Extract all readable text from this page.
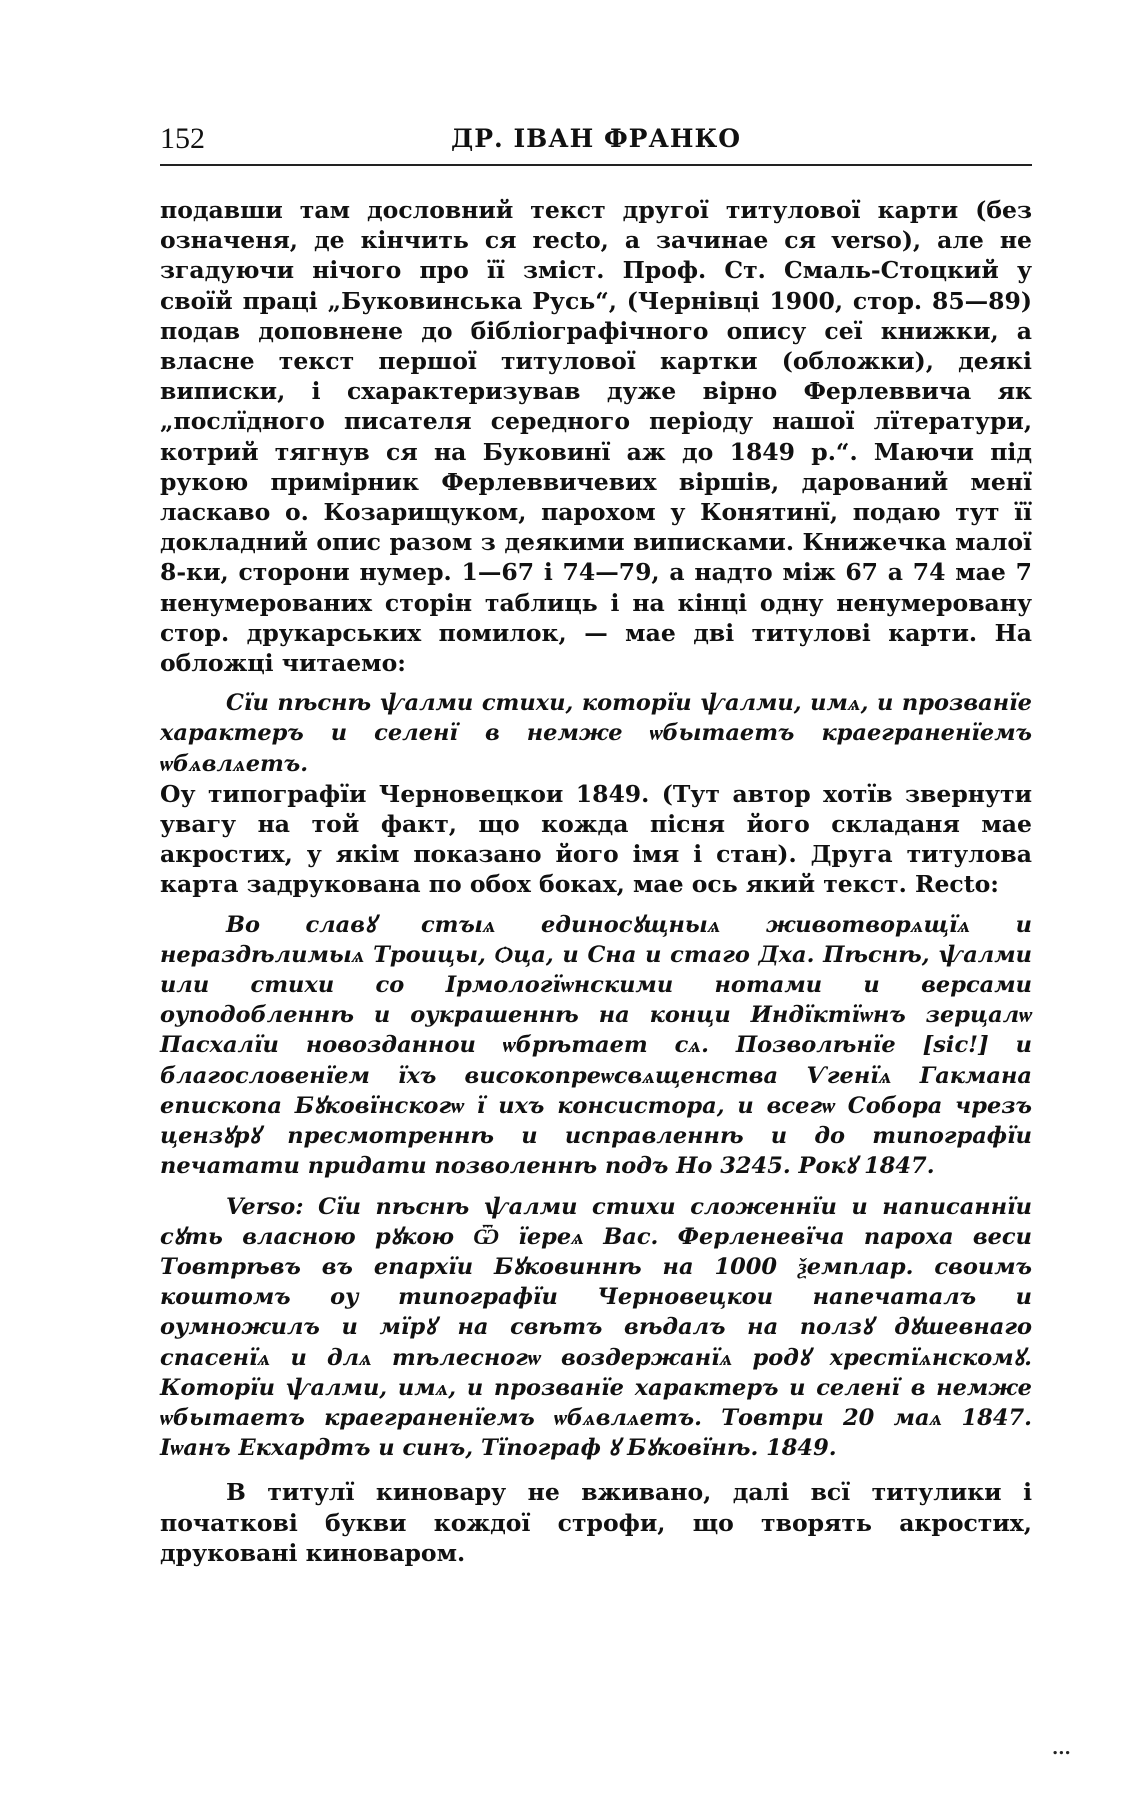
152	ДР. ІВАН ФРАНКО

подавши там дословний текст другої титулової карти (без означеня, де кінчить ся recto, а зачинае ся verso), але не згадуючи нічого про її зміст. Проф. Ст. Смаль-Стоцкий у своїй праці „Буковинська Русь“, (Чернівці 1900, стор. 85—89) подав доповнене до бібліографічного опису сеї книжки, а власне текст першої титулової картки (обложки), деякі виписки, і схарактеризував дуже вірно Ферлеввича як „послїдного писателя середного періоду нашої лїтератури, котрий тягнув ся на Буковинї аж до 1849 р.“. Маючи під рукою примірник Ферлеввичевих віршів, дарований менї ласкаво о. Козарищуком, парохом у Конятинї, подаю тут її докладний опис разом з деякими виписками. Книжечка малої 8-ки, сторони нумер. 1—67 і 74—79, а надто між 67 а 74 мае 7 ненумерованих сторін таблиць і на кінці одну ненумеровану стор. друкарських помилок, — мае дві титулові карти. На обложці читаемо:

Сїи пѣснѣ ѱалми стихи, которїи ѱалми, имѧ, и прозванїе характеръ и селенї в немже ѡбытаетъ краеграненїемъ ѡбѧвлѧетъ.

Оу типографїи Черновецкои 1849. (Тут автор хотїв звернути увагу на той факт, що кожда пісня його складаня мае акростих, у якім показано його імя і стан). Друга титулова карта задрукована по обох боках, мае ось який текст. Recto:

Во славꙋ стꙑѧ единосꙋщныѧ животворѧщїѧ и нераздѣлимыѧ Троицы, Ѻца, и Сна и стаго Дха. Пѣснѣ, ѱалми или стихи со Ірмологїѡнскими нотами и версами оуподобленнѣ и оукрашеннѣ на конци Индїктїѡнъ зерцалѡ Пасхалїи новозданнои ѡбрѣтает сѧ. Позволѣнїе [sic!] и благословенїем їхъ високопреѡсвѧщенства Ѵгенїѧ Гакмана епископа Бꙋковїнскогѡ ї ихъ консистора, и всегѡ Собора чрезъ цензꙋрꙋ пресмотреннѣ и исправленнѣ и до типографїи печатати придати позволеннѣ подъ Но 3245. Рокꙋ 1847.

Verso: Сїи пѣснѣ ѱалми стихи сложеннїи и написаннїи сꙋть власною рꙋкою Ѿ їереѧ Вас. Ферленевїча пароха веси Товтрѣвъ въ епархїи Бꙋковиннѣ на 1000 ѯемплар. своимъ коштомъ оу типографїи Черновецкои напечаталъ и оумножилъ и мїрꙋ на свѣтъ вѣдалъ на ползꙋ дꙋшевнаго спасенїѧ и длѧ тѣлесногѡ воздержанїѧ родꙋ хрестїѧнскомꙋ. Которїи ѱалми, имѧ, и прозванїе характеръ и селенї в немже ѡбытаетъ краеграненїемъ ѡбѧвлѧетъ. Товтри 20 маѧ 1847. Іѡанъ Екхардтъ и синъ, Тїпограф ꙋ Бꙋковїнѣ. 1849.

В титулї киновару не вживано, далі всї титулики і початкові букви кождої строфи, що творять акростих, друковані киноваром.

...
